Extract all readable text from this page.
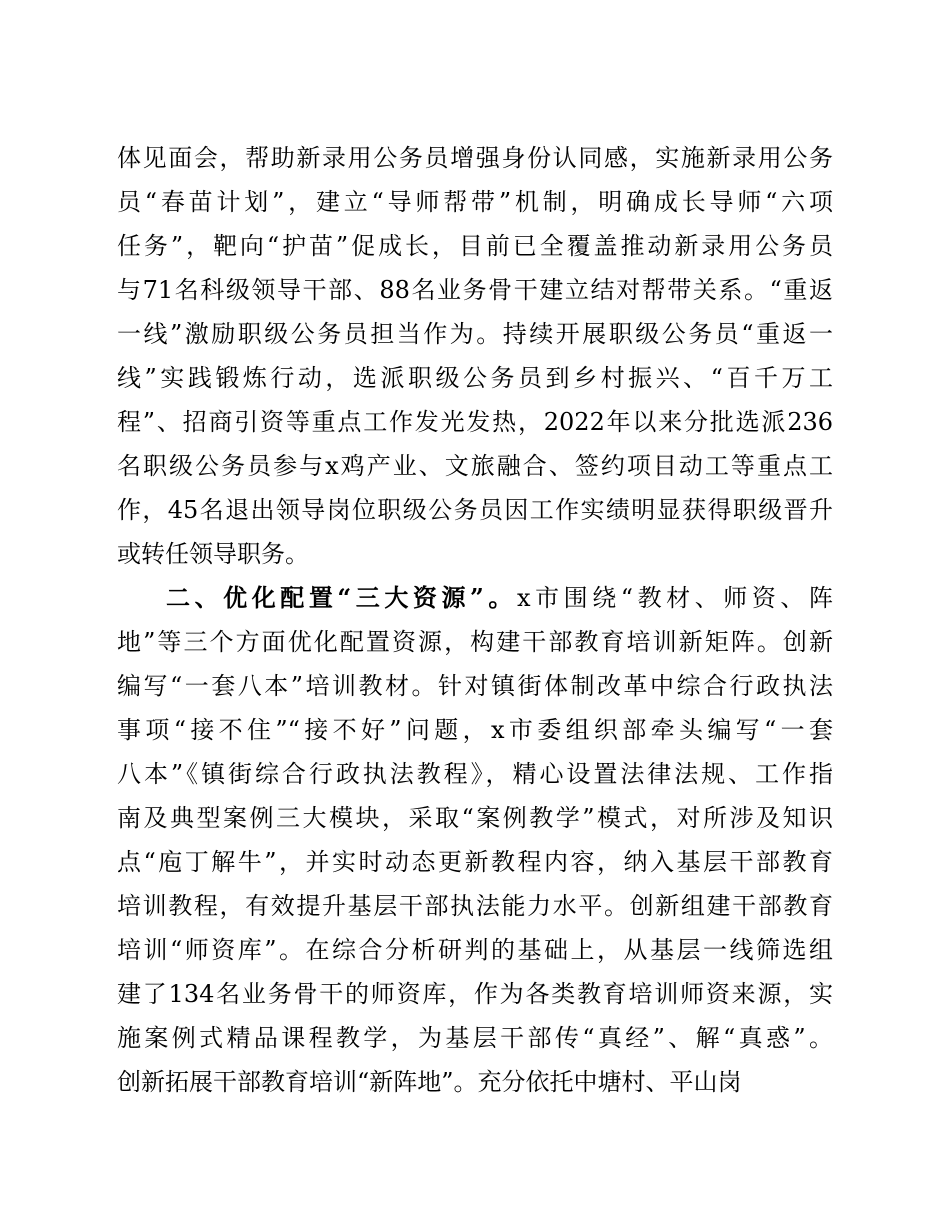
体见面会，帮助新录用公务员增强身份认同感，实施新录用公务
员“春苗计划”，建立“导师帮带”机制，明确成长导师“六项
任务”，靶向“护苗”促成长，目前已全覆盖推动新录用公务员
与71名科级领导干部、88名业务骨干建立结对帮带关系。“重返
一线”激励职级公务员担当作为。持续开展职级公务员“重返一
线”实践锻炼行动，选派职级公务员到乡村振兴、“百千万工
程”、招商引资等重点工作发光发热，2022年以来分批选派236
名职级公务员参与x鸡产业、文旅融合、签约项目动工等重点工
作，45名退出领导岗位职级公务员因工作实绩明显获得职级晋升
或转任领导职务。
二、优化配置“三大资源”。x市围绕“教材、师资、阵
地”等三个方面优化配置资源，构建干部教育培训新矩阵。创新
编写“一套八本”培训教材。针对镇街体制改革中综合行政执法
事项“接不住”“接不好”问题，x市委组织部牵头编写“一套
八本”《镇街综合行政执法教程》，精心设置法律法规、工作指
南及典型案例三大模块，采取“案例教学”模式，对所涉及知识
点“庖丁解牛”，并实时动态更新教程内容，纳入基层干部教育
培训教程，有效提升基层干部执法能力水平。创新组建干部教育
培训“师资库”。在综合分析研判的基础上，从基层一线筛选组
建了134名业务骨干的师资库，作为各类教育培训师资来源，实
施案例式精品课程教学，为基层干部传“真经”、解“真惑”。
创新拓展干部教育培训“新阵地”。充分依托中塘村、平山岗
